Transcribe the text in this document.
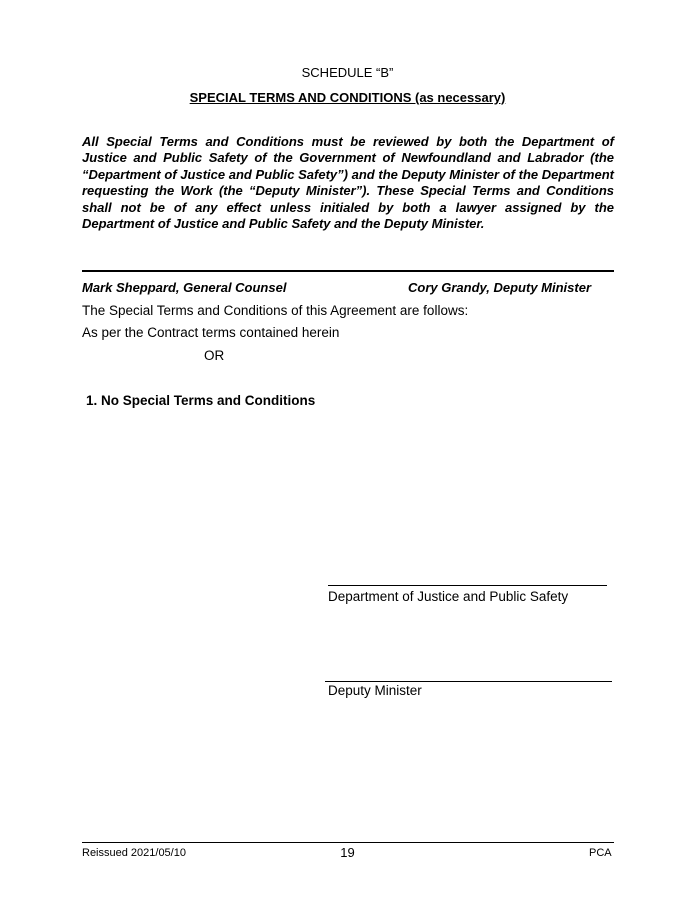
SCHEDULE “B”
SPECIAL TERMS AND CONDITIONS (as necessary)
All Special Terms and Conditions must be reviewed by both the Department of Justice and Public Safety of the Government of Newfoundland and Labrador (the “Department of Justice and Public Safety”) and the Deputy Minister of the Department requesting the Work (the “Deputy Minister”). These Special Terms and Conditions shall not be of any effect unless initialed by both a lawyer assigned by the Department of Justice and Public Safety and the Deputy Minister.
Mark Sheppard, General Counsel	Cory Grandy, Deputy Minister
The Special Terms and Conditions of this Agreement are follows:
As per the Contract terms contained herein
OR
1. No Special Terms and Conditions
Department of Justice and Public Safety
Deputy Minister
Reissued 2021/05/10	19	PCA
